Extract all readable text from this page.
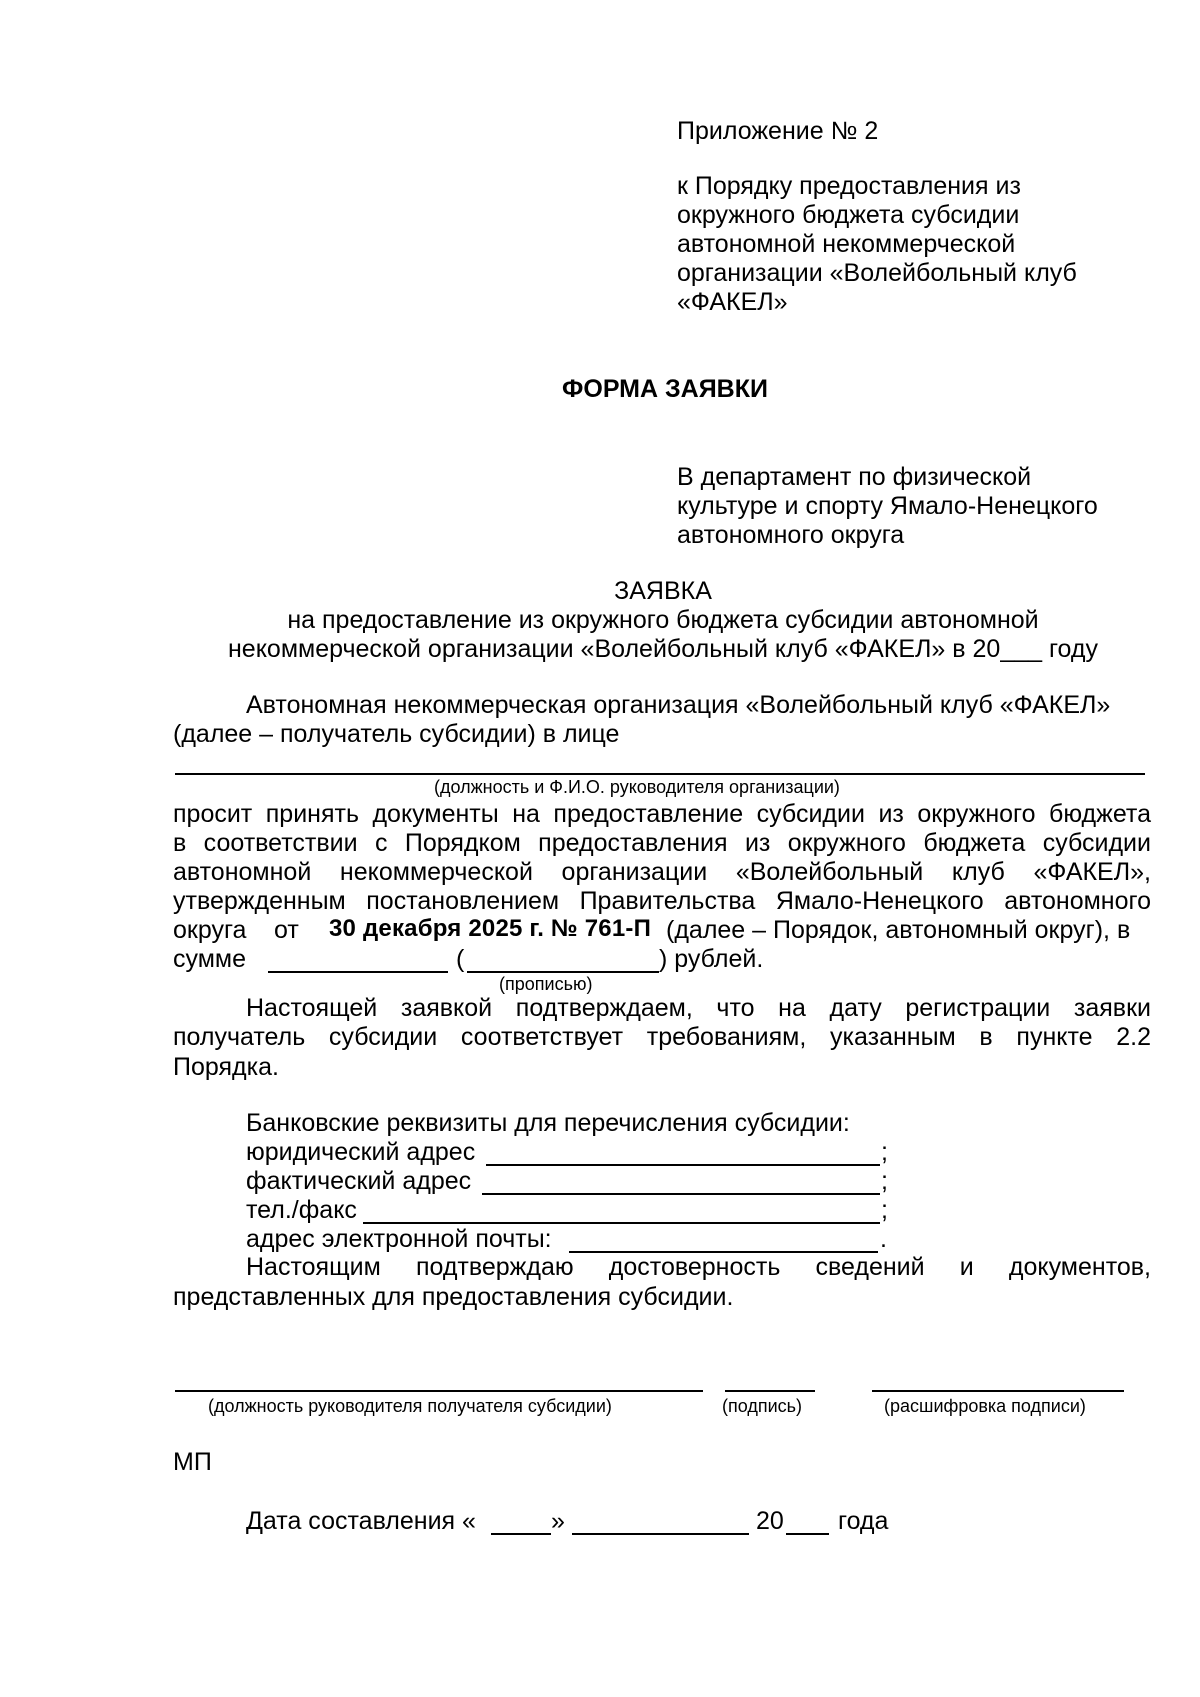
Приложение № 2
к Порядку предоставления из
окружного бюджета субсидии
автономной некоммерческой
организации «Волейбольный клуб
«ФАКЕЛ»
ФОРМА ЗАЯВКИ
В департамент по физической
культуре и спорту Ямало-Ненецкого
автономного округа
ЗАЯВКА
на предоставление из окружного бюджета субсидии автономной
некоммерческой организации «Волейбольный клуб «ФАКЕЛ» в 20___ году
Автономная некоммерческая организация «Волейбольный клуб «ФАКЕЛ»
(далее – получатель субсидии) в лице
(должность и Ф.И.О. руководителя организации)
просит принять документы на предоставление субсидии из окружного бюджета
в соответствии с Порядком предоставления из окружного бюджета субсидии
автономной некоммерческой организации «Волейбольный клуб «ФАКЕЛ»,
утвержденным постановлением Правительства Ямало-Ненецкого автономного
округа от 30 декабря 2025 г. № 761-П (далее – Порядок, автономный округ), в
сумме	(	) рублей.
(прописью)
Настоящей заявкой подтверждаем, что на дату регистрации заявки
получатель субсидии соответствует требованиям, указанным в пункте 2.2
Порядка.
Банковские реквизиты для перечисления субсидии:
юридический адрес	;
фактический адрес	;
тел./факс	;
адрес электронной почты:	.
Настоящим подтверждаю достоверность сведений и документов,
представленных для предоставления субсидии.
(должность руководителя получателя субсидии)	(подпись)	(расшифровка подписи)
МП
Дата составления «	»	20 года
